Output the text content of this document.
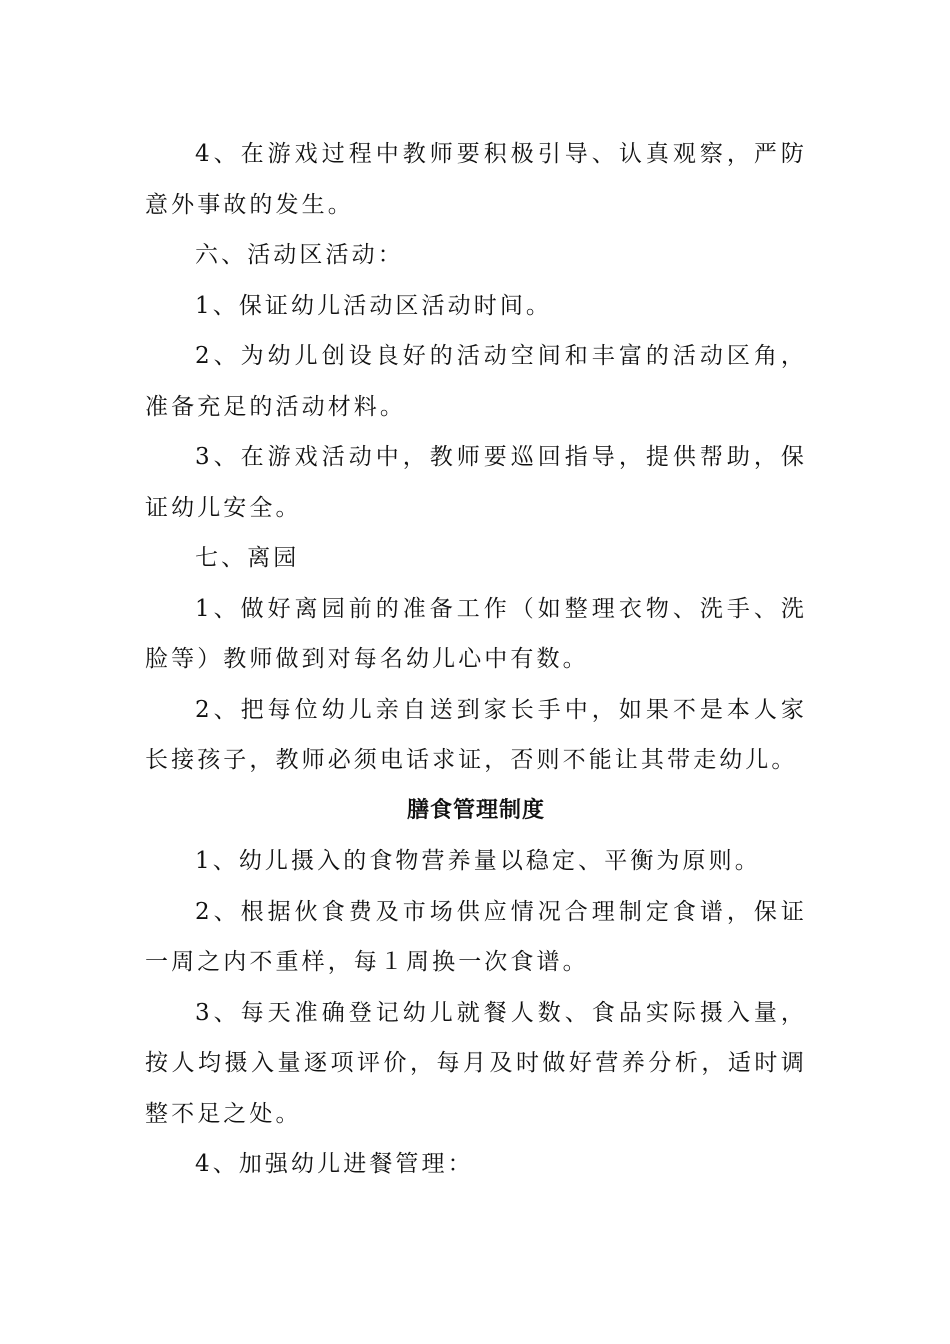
4、在游戏过程中教师要积极引导、认真观察，严防意外事故的发生。

六、活动区活动：

1、保证幼儿活动区活动时间。

2、为幼儿创设良好的活动空间和丰富的活动区角，准备充足的活动材料。

3、在游戏活动中，教师要巡回指导，提供帮助，保证幼儿安全。

七、离园

1、做好离园前的准备工作（如整理衣物、洗手、洗脸等）教师做到对每名幼儿心中有数。

2、把每位幼儿亲自送到家长手中，如果不是本人家长接孩子，教师必须电话求证，否则不能让其带走幼儿。

膳食管理制度

1、幼儿摄入的食物营养量以稳定、平衡为原则。

2、根据伙食费及市场供应情况合理制定食谱，保证一周之内不重样，每１周换一次食谱。

3、每天准确登记幼儿就餐人数、食品实际摄入量，按人均摄入量逐项评价，每月及时做好营养分析，适时调整不足之处。

4、加强幼儿进餐管理：
